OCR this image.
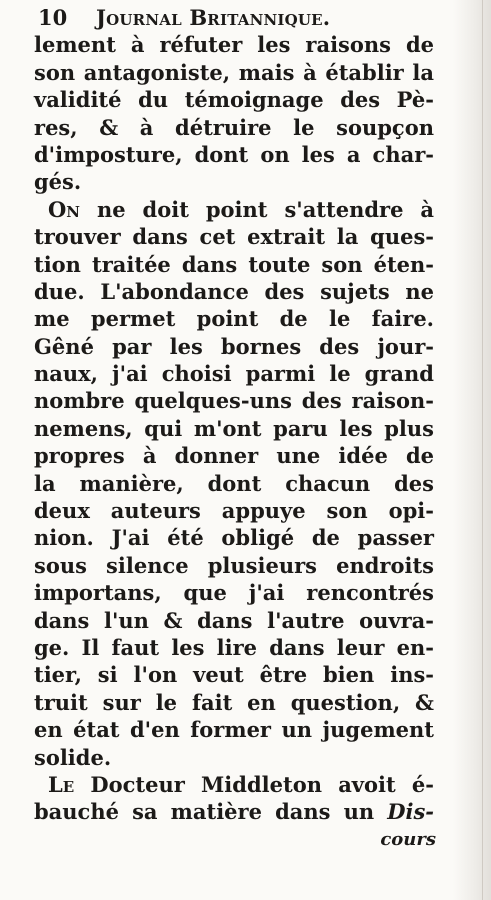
10	Journal Britannique.
lement à réfuter les raisons de
son antagoniste, mais à établir la
validité du témoignage des Pè-
res, & à détruire le soupçon
d'imposture, dont on les a char-
gés.
On ne doit point s'attendre à
trouver dans cet extrait la ques-
tion traitée dans toute son éten-
due. L'abondance des sujets ne
me permet point de le faire.
Gêné par les bornes des jour-
naux, j'ai choisi parmi le grand
nombre quelques-uns des raison-
nemens, qui m'ont paru les plus
propres à donner une idée de
la manière, dont chacun des
deux auteurs appuye son opi-
nion. J'ai été obligé de passer
sous silence plusieurs endroits
importans, que j'ai rencontrés
dans l'un & dans l'autre ouvra-
ge. Il faut les lire dans leur en-
tier, si l'on veut être bien ins-
truit sur le fait en question, &
en état d'en former un jugement
solide.
Le Docteur Middleton avoit é-
bauché sa matière dans un Dis-
cours
